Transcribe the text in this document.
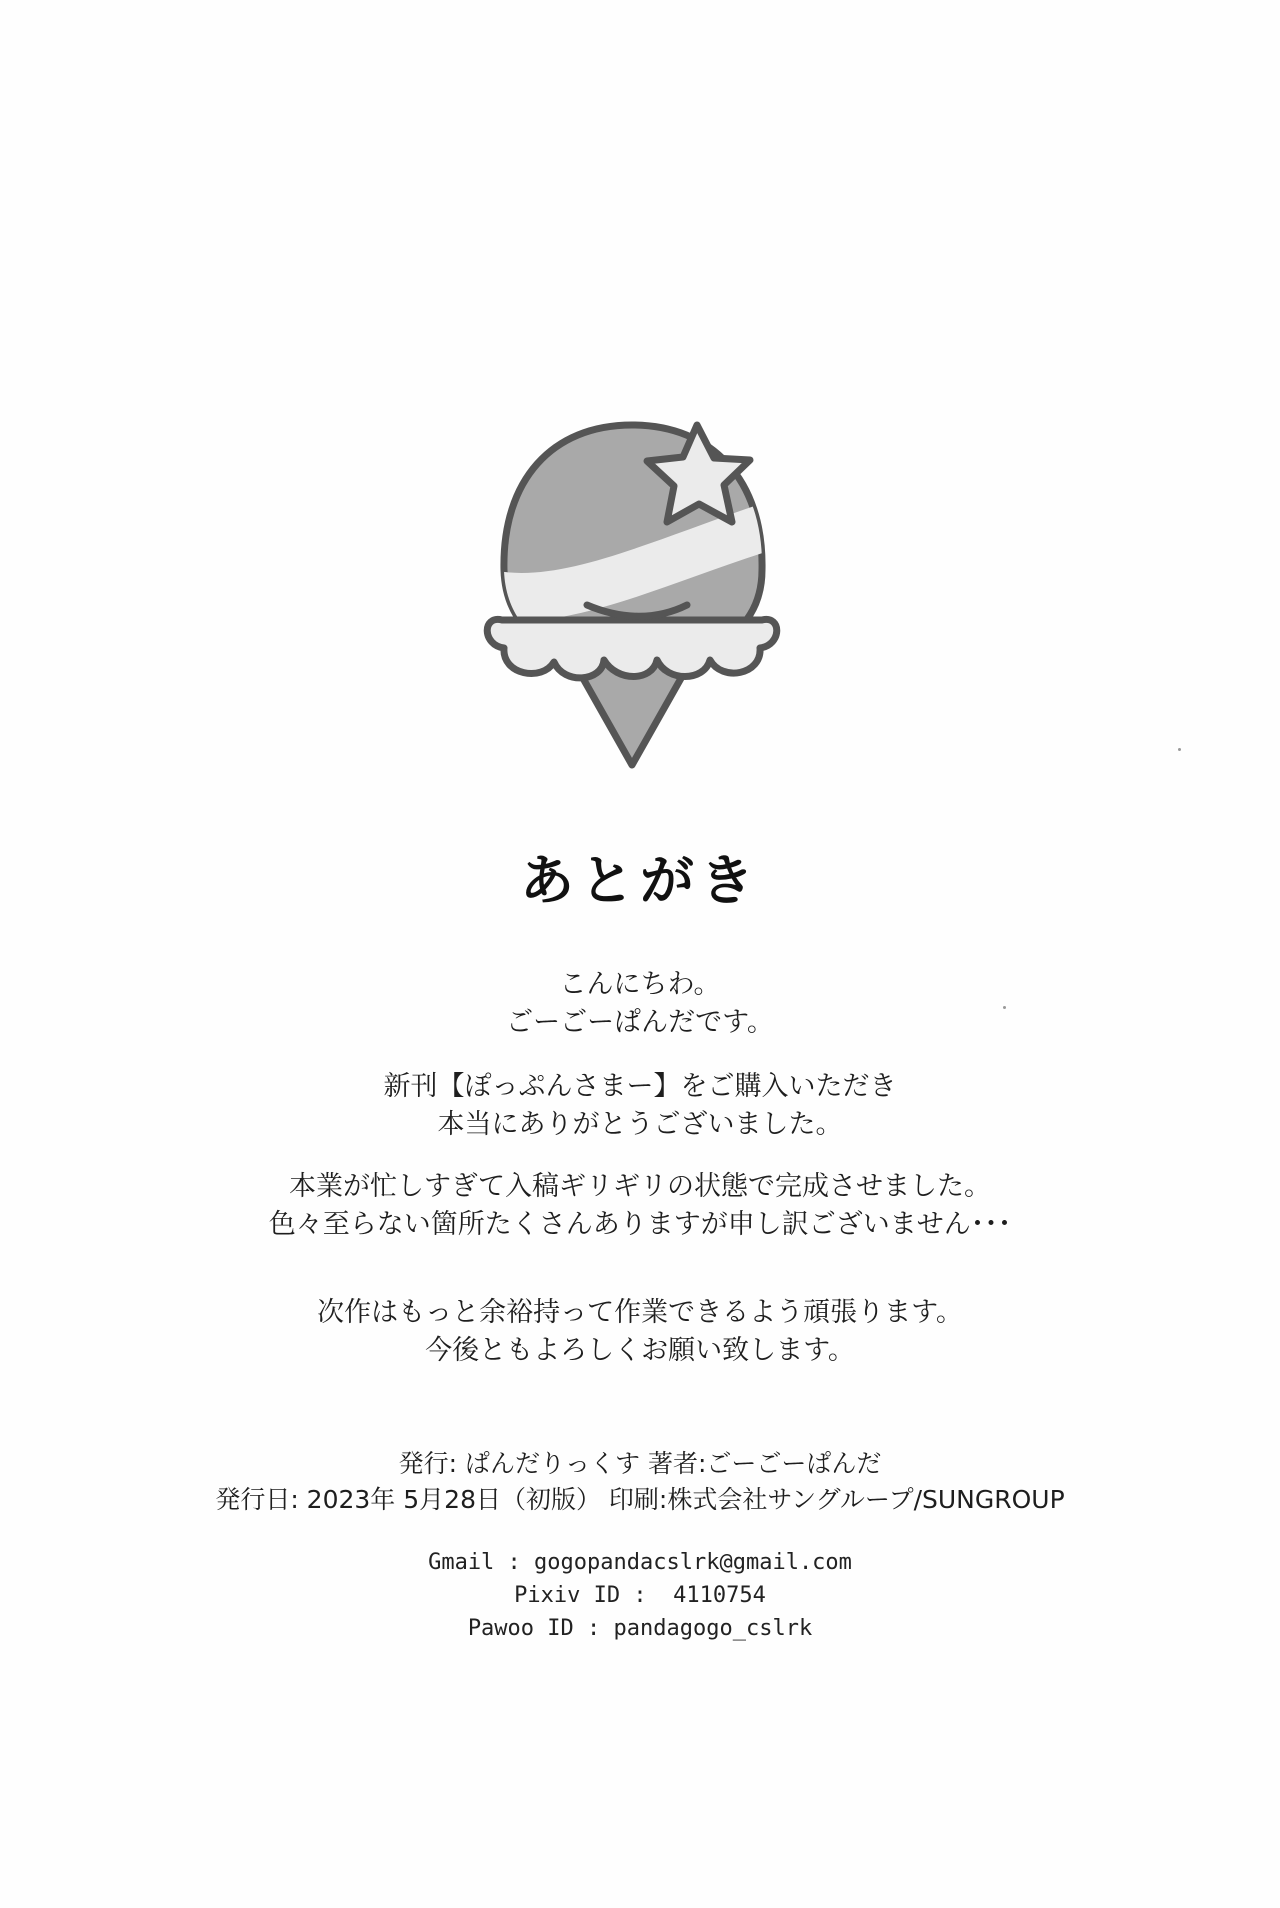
あとがき
こんにちわ。
ごーごーぱんだです。
新刊【ぽっぷんさまー】をご購入いただき
本当にありがとうございました。
本業が忙しすぎて入稿ギリギリの状態で完成させました。
色々至らない箇所たくさんありますが申し訳ございません･･･
次作はもっと余裕持って作業できるよう頑張ります。
今後ともよろしくお願い致します。
発行: ぱんだりっくす 著者:ごーごーぱんだ
発行日: 2023年 5月28日（初版） 印刷:株式会社サングループ/SUNGROUP
Gmail : gogopandacslrk@gmail.com
Pixiv ID :  4110754
Pawoo ID : pandagogo_cslrk
